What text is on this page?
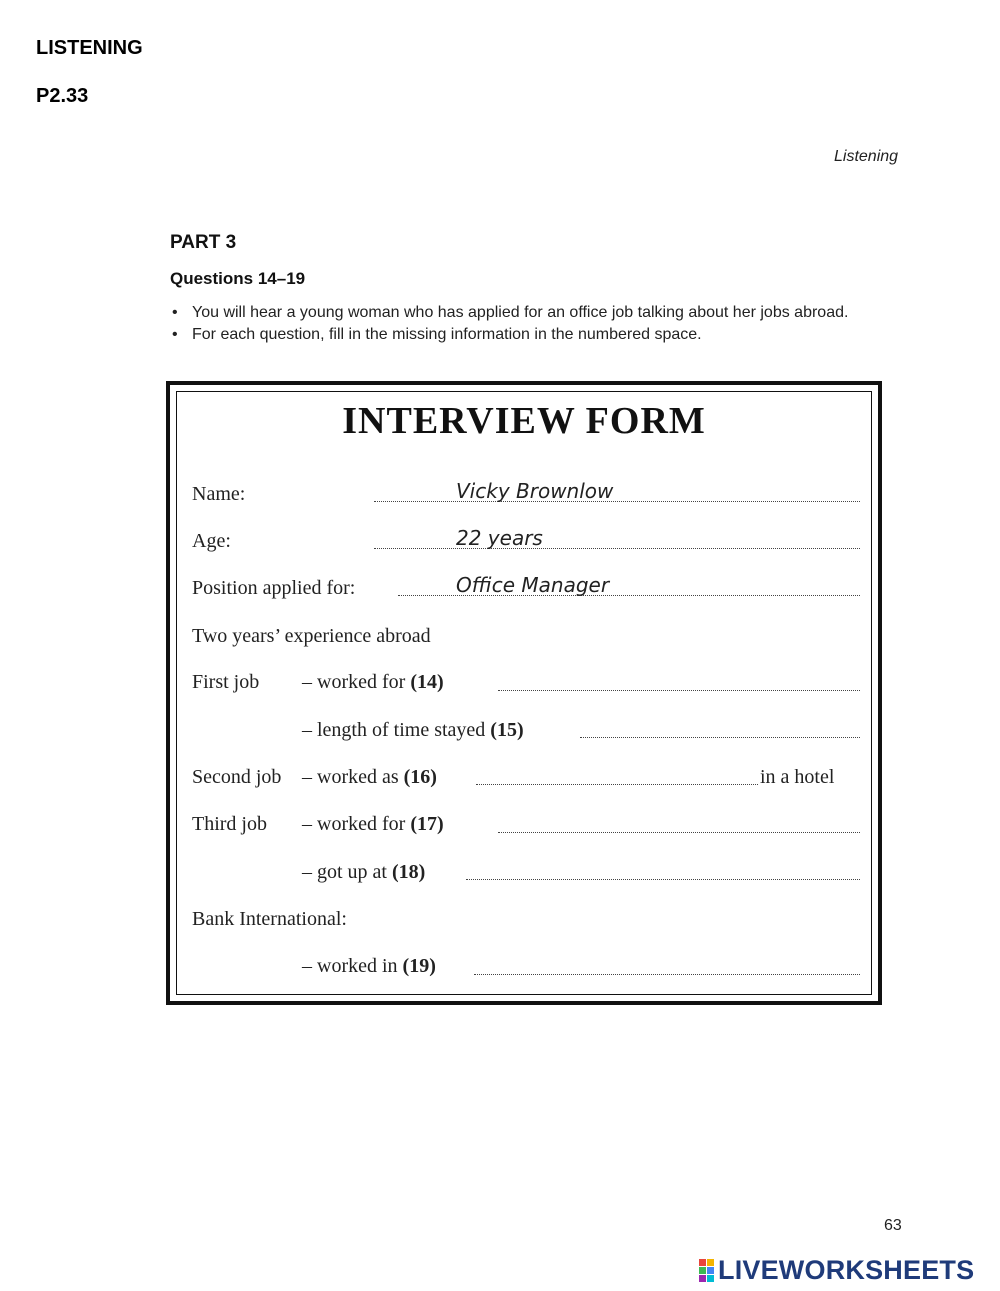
LISTENING
P2.33
Listening
PART 3
Questions 14–19
• You will hear a young woman who has applied for an office job talking about her jobs abroad.
• For each question, fill in the missing information in the numbered space.
INTERVIEW FORM
Name:	Vicky Brownlow
Age:	22 years
Position applied for:	Office Manager
Two years’ experience abroad
First job – worked for (14)
– length of time stayed (15)
Second job – worked as (16)	in a hotel
Third job – worked for (17)
– got up at (18)
Bank International:
– worked in (19)
63
LIVEWORKSHEETS
